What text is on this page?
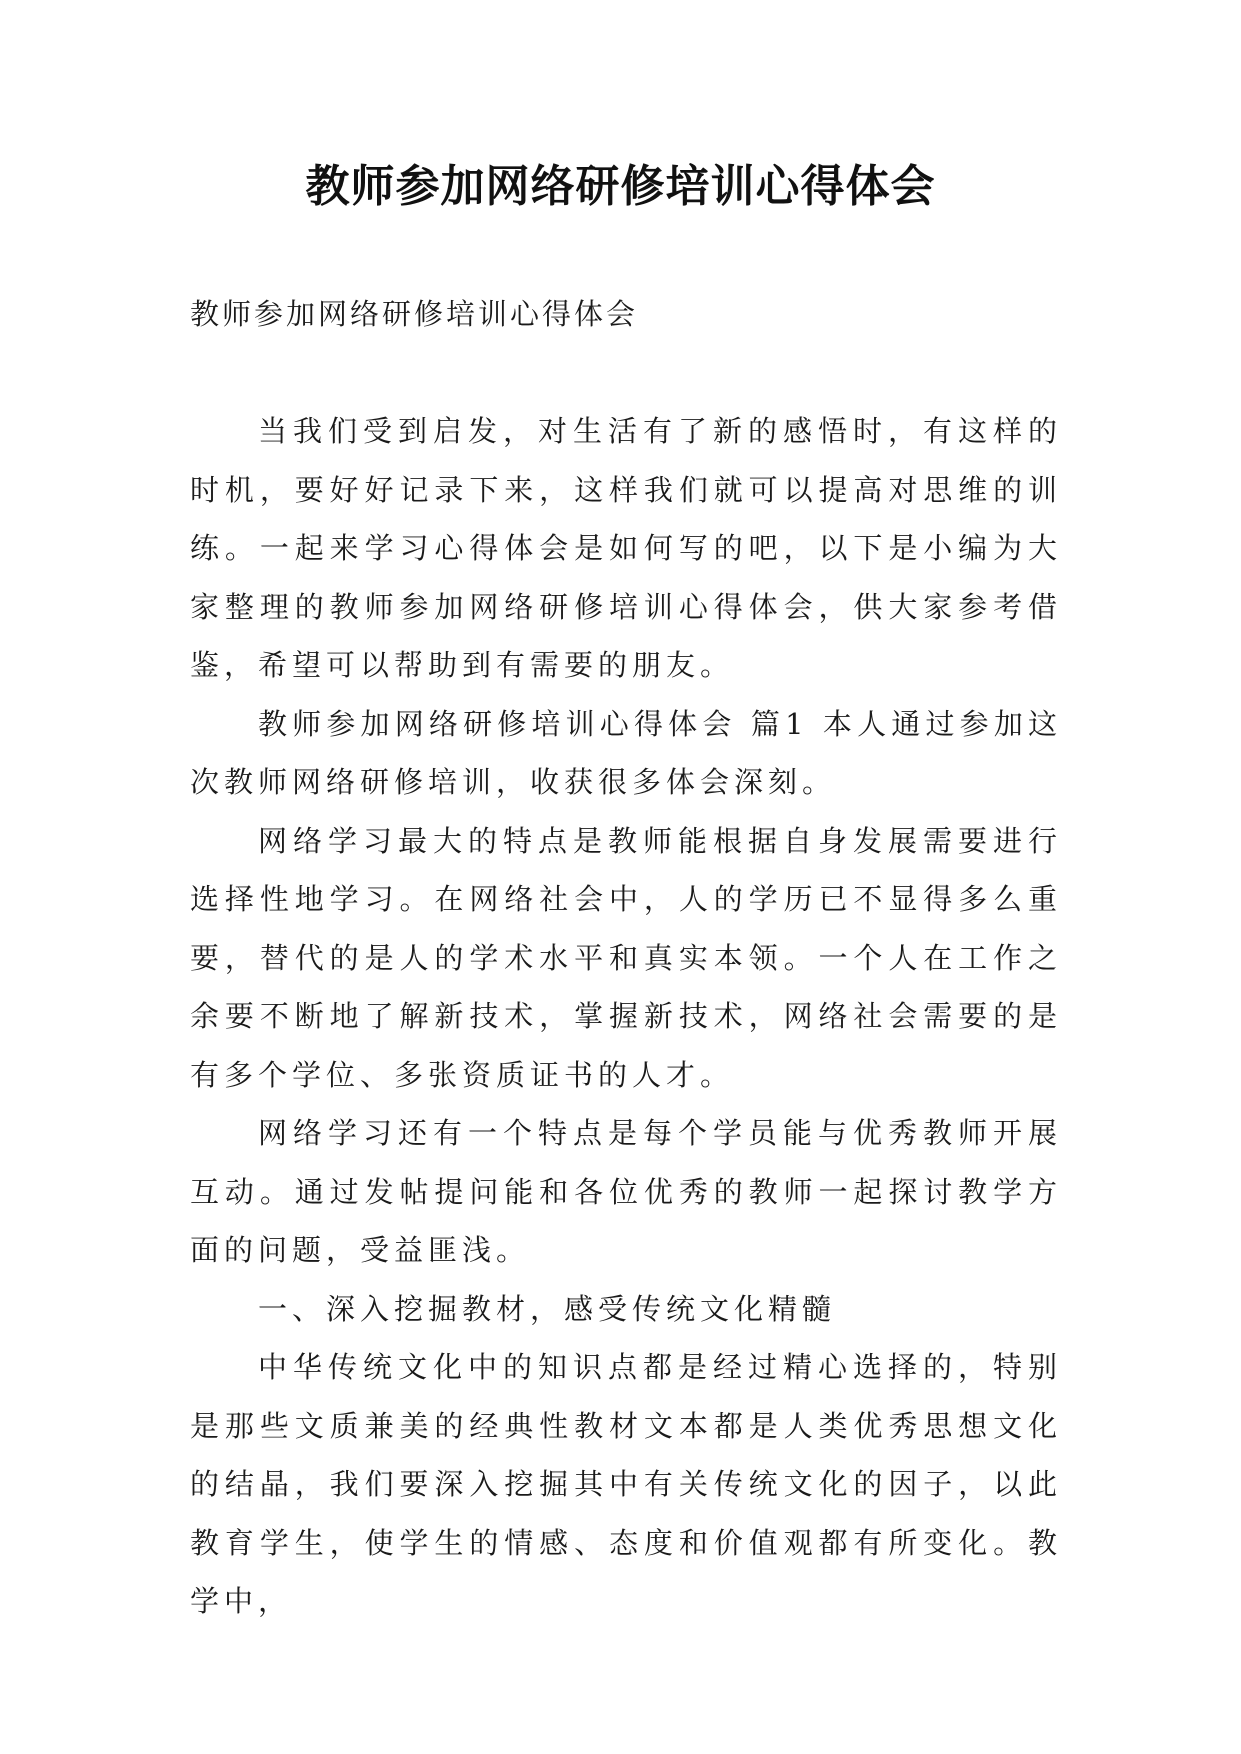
教师参加网络研修培训心得体会

教师参加网络研修培训心得体会

当我们受到启发，对生活有了新的感悟时，有这样的时机，要好好记录下来，这样我们就可以提高对思维的训练。一起来学习心得体会是如何写的吧，以下是小编为大家整理的教师参加网络研修培训心得体会，供大家参考借鉴，希望可以帮助到有需要的朋友。

教师参加网络研修培训心得体会 篇1 本人通过参加这次教师网络研修培训，收获很多体会深刻。

网络学习最大的特点是教师能根据自身发展需要进行选择性地学习。在网络社会中，人的学历已不显得多么重要，替代的是人的学术水平和真实本领。一个人在工作之余要不断地了解新技术，掌握新技术，网络社会需要的是有多个学位、多张资质证书的人才。

网络学习还有一个特点是每个学员能与优秀教师开展互动。通过发帖提问能和各位优秀的教师一起探讨教学方面的问题，受益匪浅。

一、深入挖掘教材，感受传统文化精髓

中华传统文化中的知识点都是经过精心选择的，特别是那些文质兼美的经典性教材文本都是人类优秀思想文化的结晶，我们要深入挖掘其中有关传统文化的因子，以此教育学生，使学生的情感、态度和价值观都有所变化。教学中，
